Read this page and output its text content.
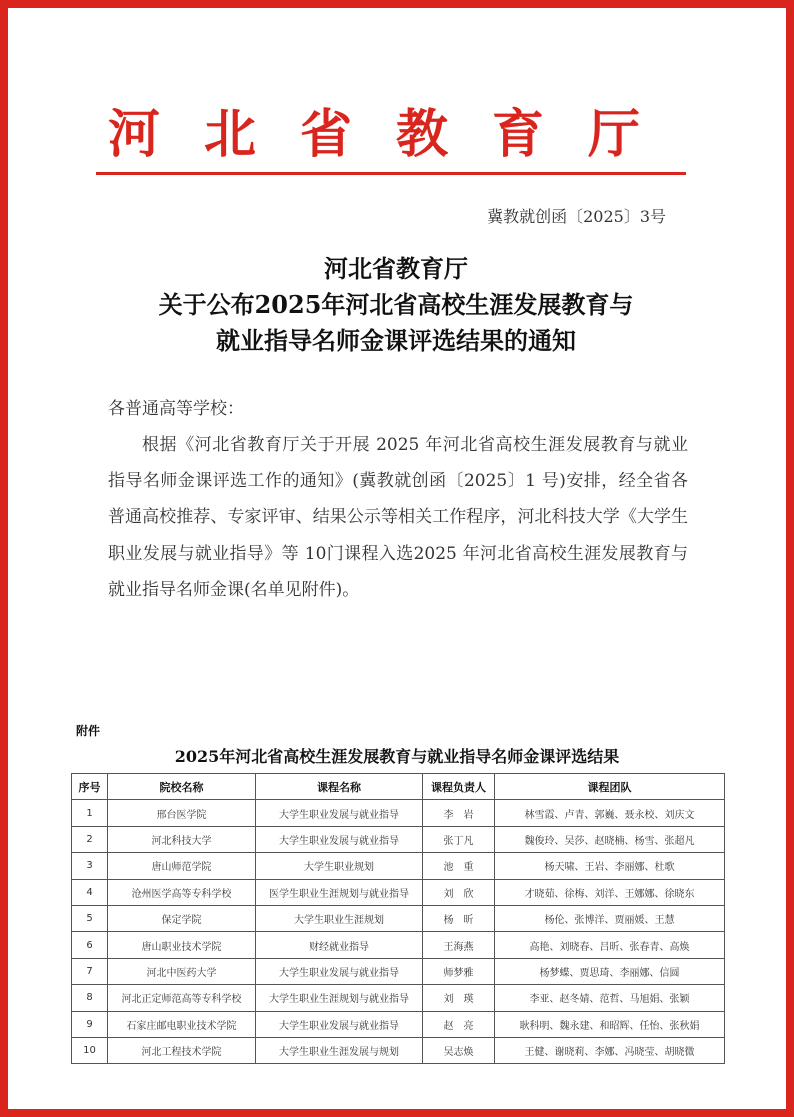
河北省教育厅
冀教就创函〔2025〕3号
河北省教育厅
关于公布2025年河北省高校生涯发展教育与
就业指导名师金课评选结果的通知
各普通高等学校：
根据《河北省教育厅关于开展 2025 年河北省高校生涯发展教育与就业指导名师金课评选工作的通知》(冀教就创函〔2025〕1 号)安排，经全省各普通高校推荐、专家评审、结果公示等相关工作程序，河北科技大学《大学生职业发展与就业指导》等 10门课程入选2025 年河北省高校生涯发展教育与就业指导名师金课(名单见附件)。
附件
2025年河北省高校生涯发展教育与就业指导名师金课评选结果
序号	院校名称	课程名称	课程负责人	课程团队
1	邢台医学院	大学生职业发展与就业指导	李　岩	林雪霞、卢青、郭巍、聂永校、刘庆文
2	河北科技大学	大学生职业发展与就业指导	张丁凡	魏俊玲、吴莎、赵晓楠、杨雪、张超凡
3	唐山师范学院	大学生职业规划	池　重	杨天啸、王岩、李丽娜、杜歌
4	沧州医学高等专科学校	医学生职业生涯规划与就业指导	刘　欣	才晓茹、徐梅、刘洋、王娜娜、徐晓东
5	保定学院	大学生职业生涯规划	杨　昕	杨伦、张博洋、贾丽媛、王慧
6	唐山职业技术学院	财经就业指导	王海燕	高艳、刘晓春、吕昕、张春青、高焕
7	河北中医药大学	大学生职业发展与就业指导	师梦雅	杨梦蝶、贾思琦、李丽娜、信圆
8	河北正定师范高等专科学校	大学生职业生涯规划与就业指导	刘　瑛	李亚、赵冬婧、范哲、马旭娟、张颖
9	石家庄邮电职业技术学院	大学生职业发展与就业指导	赵　亮	耿科明、魏永建、和昭辉、任怡、张秋娟
10	河北工程技术学院	大学生职业生涯发展与规划	吴志焕	王健、谢晓莉、李娜、冯晓莹、胡晓微
